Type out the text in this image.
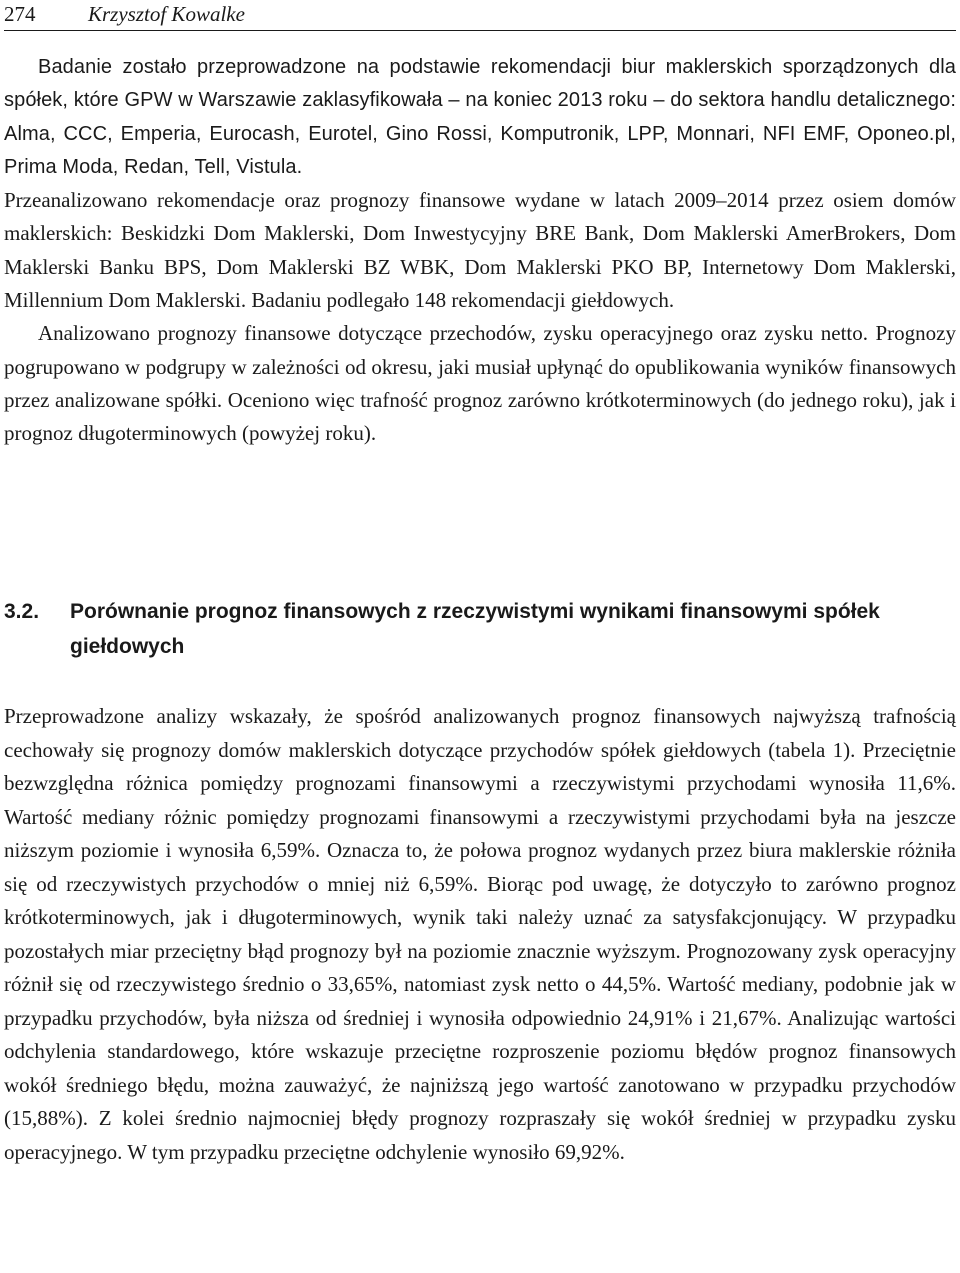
274	Krzysztof Kowalke

Badanie zostało przeprowadzone na podstawie rekomendacji biur maklerskich sporządzonych dla spółek, które GPW w Warszawie zaklasyfikowała – na koniec 2013 roku – do sektora handlu detalicznego: Alma, CCC, Emperia, Eurocash, Eurotel, Gino Rossi, Komputronik, LPP, Monnari, NFI EMF, Oponeo.pl, Prima Moda, Redan, Tell, Vistula.

Przeanalizowano rekomendacje oraz prognozy finansowe wydane w latach 2009–2014 przez osiem domów maklerskich: Beskidzki Dom Maklerski, Dom Inwestycyjny BRE Bank, Dom Maklerski AmerBrokers, Dom Maklerski Banku BPS, Dom Maklerski BZ WBK, Dom Maklerski PKO BP, Internetowy Dom Maklerski, Millennium Dom Maklerski. Badaniu podlegało 148 rekomendacji giełdowych.

Analizowano prognozy finansowe dotyczące przechodów, zysku operacyjnego oraz zysku netto. Prognozy pogrupowano w podgrupy w zależności od okresu, jaki musiał upłynąć do opublikowania wyników finansowych przez analizowane spółki. Oceniono więc trafność prognoz zarówno krótkoterminowych (do jednego roku), jak i prognoz długoterminowych (powyżej roku).

3.2. Porównanie prognoz finansowych z rzeczywistymi wynikami finansowymi spółek giełdowych

Przeprowadzone analizy wskazały, że spośród analizowanych prognoz finansowych najwyższą trafnością cechowały się prognozy domów maklerskich dotyczące przychodów spółek giełdowych (tabela 1). Przeciętnie bezwzględna różnica pomiędzy prognozami finansowymi a rzeczywistymi przychodami wynosiła 11,6%. Wartość mediany różnic pomiędzy prognozami finansowymi a rzeczywistymi przychodami była na jeszcze niższym poziomie i wynosiła 6,59%. Oznacza to, że połowa prognoz wydanych przez biura maklerskie różniła się od rzeczywistych przychodów o mniej niż 6,59%. Biorąc pod uwagę, że dotyczyło to zarówno prognoz krótkoterminowych, jak i długoterminowych, wynik taki należy uznać za satysfakcjonujący. W przypadku pozostałych miar przeciętny błąd prognozy był na poziomie znacznie wyższym. Prognozowany zysk operacyjny różnił się od rzeczywistego średnio o 33,65%, natomiast zysk netto o 44,5%. Wartość mediany, podobnie jak w przypadku przychodów, była niższa od średniej i wynosiła odpowiednio 24,91% i 21,67%. Analizując wartości odchylenia standardowego, które wskazuje przeciętne rozproszenie poziomu błędów prognoz finansowych wokół średniego błędu, można zauważyć, że najniższą jego wartość zanotowano w przypadku przychodów (15,88%). Z kolei średnio najmocniej błędy prognozy rozpraszały się wokół średniej w przypadku zysku operacyjnego. W tym przypadku przeciętne odchylenie wynosiło 69,92%.
